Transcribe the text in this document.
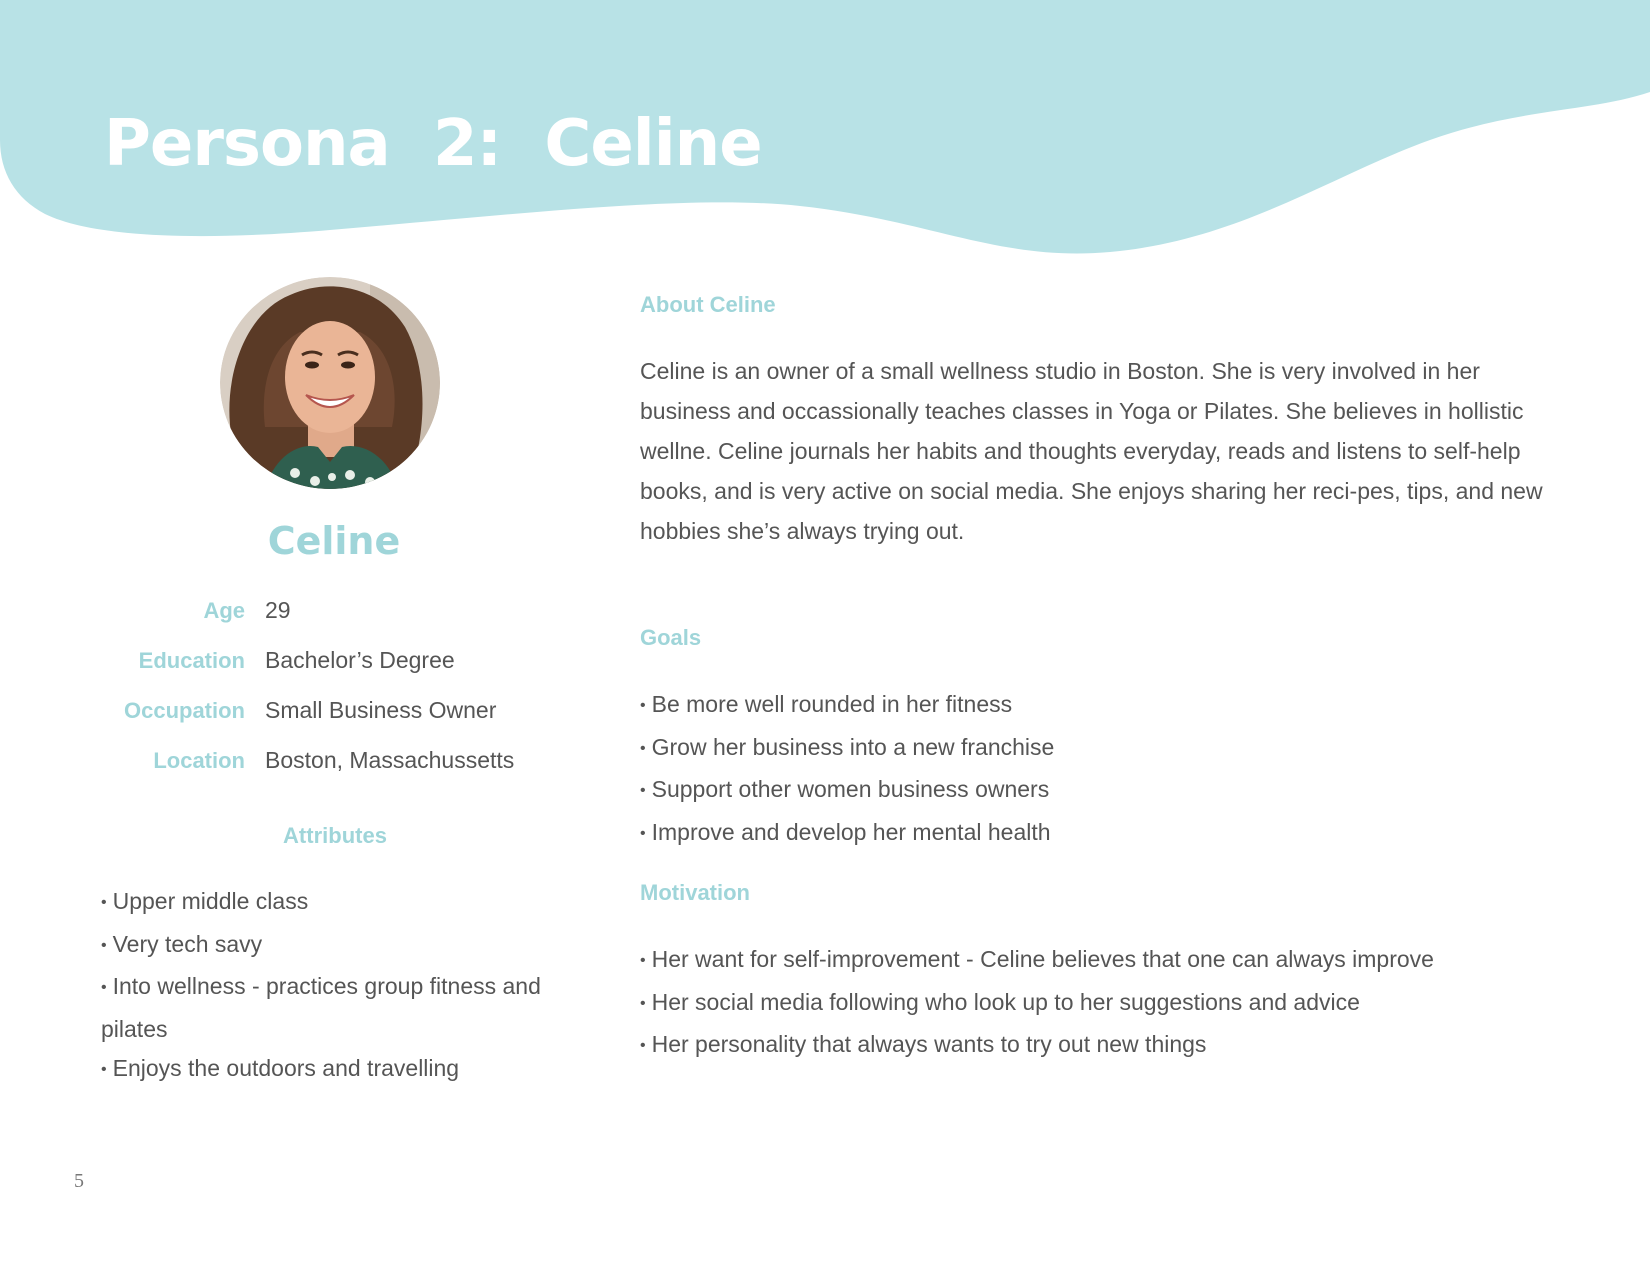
Persona 2: Celine
Celine
Age 29
Education Bachelor’s Degree
Occupation Small Business Owner
Location Boston, Massachussetts
Attributes
• Upper middle class
• Very tech savy
• Into wellness - practices group fitness and pilates
• Enjoys the outdoors and travelling
About Celine

Celine is an owner of a small wellness studio in Boston. She is very involved in her business and occassionally teaches classes in Yoga or Pilates. She believes in hollistic wellne. Celine journals her habits and thoughts everyday, reads and listens to self-help books, and is very active on social media. She enjoys sharing her reci-pes, tips, and new hobbies she’s always trying out.

Goals
• Be more well rounded in her fitness
• Grow her business into a new franchise
• Support other women business owners
• Improve and develop her mental health
Motivation
• Her want for self-improvement - Celine believes that one can always improve
• Her social media following who look up to her suggestions and advice
• Her personality that always wants to try out new things
5
